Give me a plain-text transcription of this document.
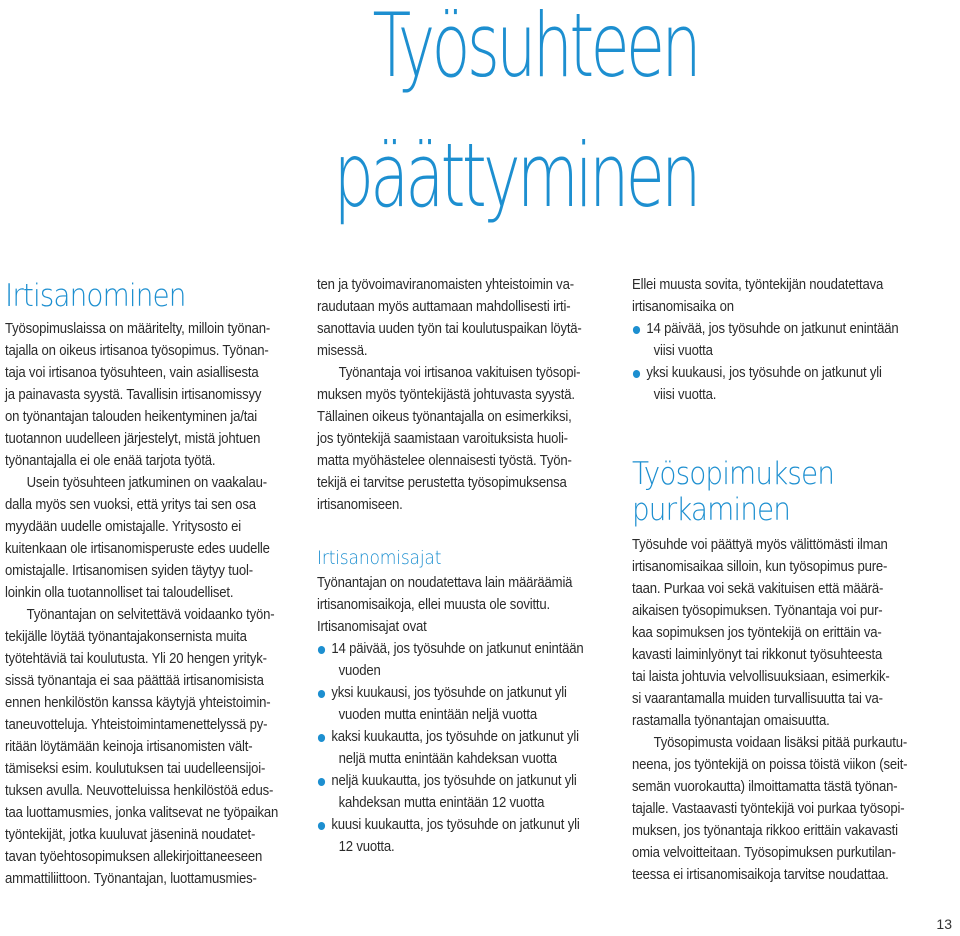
Työsuhteen
päättyminen
Irtisanominen
Työsopimuslaissa on määritelty, milloin työnan-
tajalla on oikeus irtisanoa työsopimus. Työnan-
taja voi irtisanoa työsuhteen, vain asiallisesta
ja painavasta syystä. Tavallisin irtisanomissyy
on työnantajan talouden heikentyminen ja/tai
tuotannon uudelleen järjestelyt, mistä johtuen
työnantajalla ei ole enää tarjota työtä.
Usein työsuhteen jatkuminen on vaakalau-
dalla myös sen vuoksi, että yritys tai sen osa
myydään uudelle omistajalle. Yritysosto ei
kuitenkaan ole irtisanomisperuste edes uudelle
omistajalle. Irtisanomisen syiden täytyy tuol-
loinkin olla tuotannolliset tai taloudelliset.
Työnantajan on selvitettävä voidaanko työn-
tekijälle löytää työnantajakonsernista muita
työtehtäviä tai koulutusta. Yli 20 hengen yrityk-
sissä työnantaja ei saa päättää irtisanomisista
ennen henkilöstön kanssa käytyjä yhteistoimin-
taneuvotteluja. Yhteistoimintamenettelyssä py-
ritään löytämään keinoja irtisanomisten vält-
tämiseksi esim. koulutuksen tai uudelleensijoi-
tuksen avulla. Neuvotteluissa henkilöstöä edus-
taa luottamusmies, jonka valitsevat ne työpaikan
työntekijät, jotka kuuluvat jäseninä noudatet-
tavan työehtosopimuksen allekirjoittaneeseen
ammattiliittoon. Työnantajan, luottamusmies-
ten ja työvoimaviranomaisten yhteistoimin va-
raudutaan myös auttamaan mahdollisesti irti-
sanottavia uuden työn tai koulutuspaikan löytä-
misessä.
Työnantaja voi irtisanoa vakituisen työsopi-
muksen myös työntekijästä johtuvasta syystä.
Tällainen oikeus työnantajalla on esimerkiksi,
jos työntekijä saamistaan varoituksista huoli-
matta myöhästelee olennaisesti työstä. Työn-
tekijä ei tarvitse perustetta työsopimuksensa
irtisanomiseen.
Irtisanomisajat
Työnantajan on noudatettava lain määräämiä
irtisanomisaikoja, ellei muusta ole sovittu.
Irtisanomisajat ovat
14 päivää, jos työsuhde on jatkunut enintään
vuoden
yksi kuukausi, jos työsuhde on jatkunut yli
vuoden mutta enintään neljä vuotta
kaksi kuukautta, jos työsuhde on jatkunut yli
neljä mutta enintään kahdeksan vuotta
neljä kuukautta, jos työsuhde on jatkunut yli
kahdeksan mutta enintään 12 vuotta
kuusi kuukautta, jos työsuhde on jatkunut yli
12 vuotta.
Ellei muusta sovita, työntekijän noudatettava
irtisanomisaika on
14 päivää, jos työsuhde on jatkunut enintään
viisi vuotta
yksi kuukausi, jos työsuhde on jatkunut yli
viisi vuotta.
Työsopimuksen
purkaminen
Työsuhde voi päättyä myös välittömästi ilman
irtisanomisaikaa silloin, kun työsopimus pure-
taan. Purkaa voi sekä vakituisen että määrä-
aikaisen työsopimuksen. Työnantaja voi pur-
kaa sopimuksen jos työntekijä on erittäin va-
kavasti laiminlyönyt tai rikkonut työsuhteesta
tai laista johtuvia velvollisuuksiaan, esimerkik-
si vaarantamalla muiden turvallisuutta tai va-
rastamalla työnantajan omaisuutta.
Työsopimusta voidaan lisäksi pitää purkautu-
neena, jos työntekijä on poissa töistä viikon (seit-
semän vuorokautta) ilmoittamatta tästä työnan-
tajalle. Vastaavasti työntekijä voi purkaa työsopi-
muksen, jos työnantaja rikkoo erittäin vakavasti
omia velvoitteitaan. Työsopimuksen purkutilan-
teessa ei irtisanomisaikoja tarvitse noudattaa.
13
